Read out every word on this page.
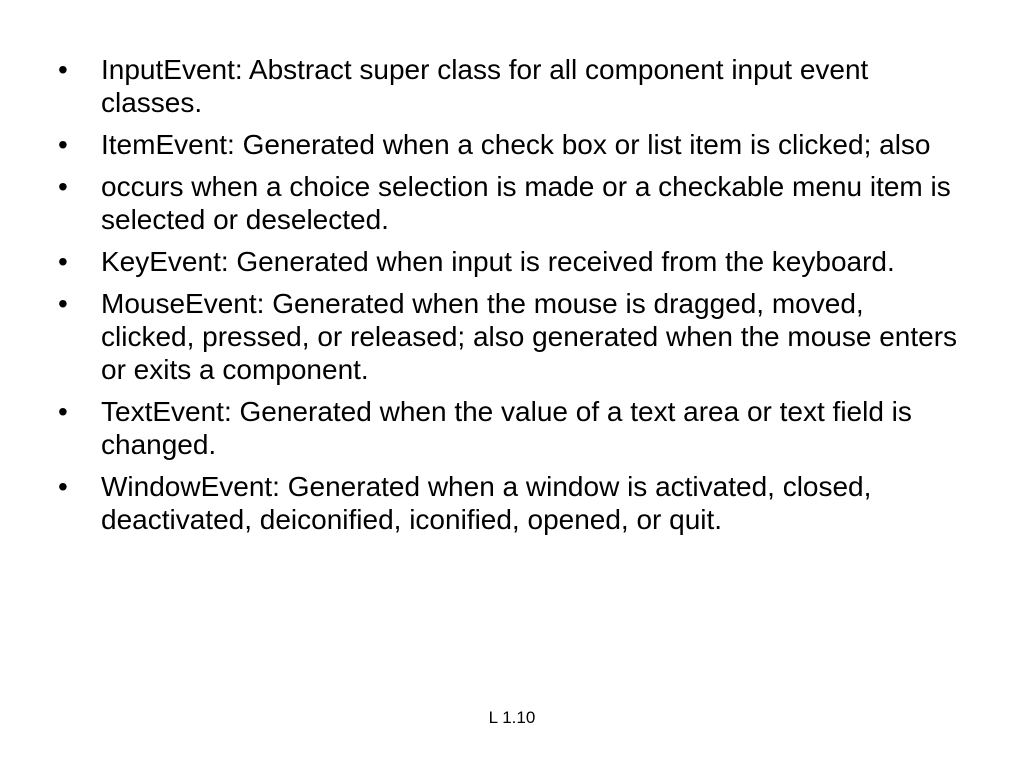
•	InputEvent: Abstract super class for all component input event classes.
•	ItemEvent: Generated when a check box or list item is clicked; also
•	occurs when a choice selection is made or a checkable menu item is selected or deselected.
•	KeyEvent: Generated when input is received from the keyboard.
•	MouseEvent: Generated when the mouse is dragged, moved, clicked, pressed, or released; also generated when the mouse enters or exits a component.
•	TextEvent: Generated when the value of a text area or text field is changed.
•	WindowEvent: Generated when a window is activated, closed, deactivated, deiconified, iconified, opened, or quit.
L 1.10
